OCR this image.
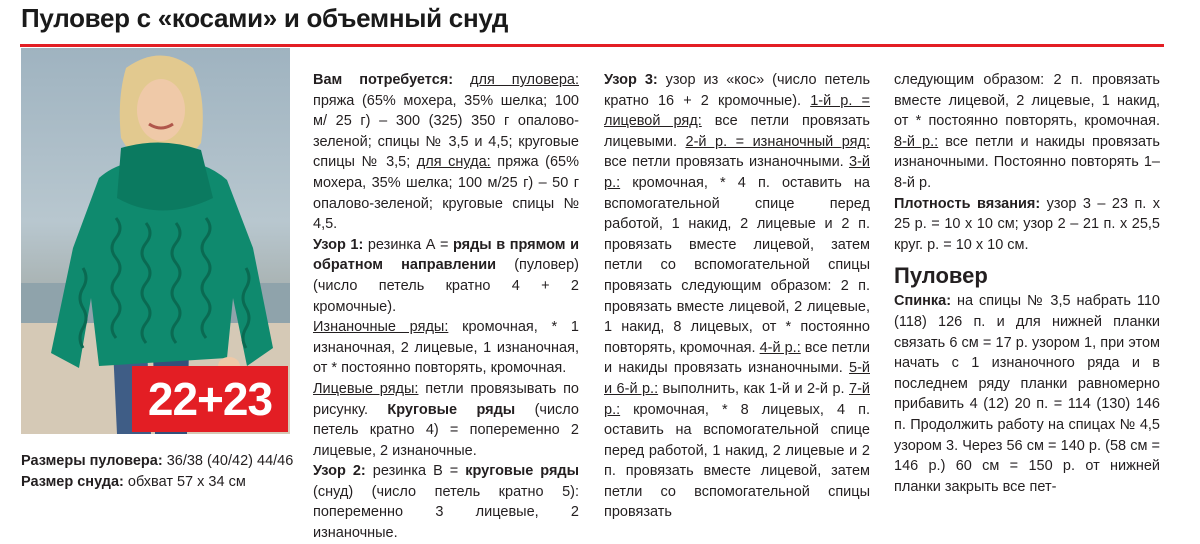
Пуловер с «косами» и объемный снуд
22+23
Размеры пуловера: 36/38 (40/42) 44/46
Размер снуда: обхват 57 х 34 см

Вам потребуется: для пуловера: пряжа (65% мохера, 35% шелка; 100 м/ 25 г) – 300 (325) 350 г опалово-зеленой; спицы № 3,5 и 4,5; круговые спицы № 3,5; для снуда: пряжа (65% мохера, 35% шелка; 100 м/25 г) – 50 г опалово-зеленой; круговые спицы № 4,5.

Узор 1: резинка А = ряды в прямом и обратном направлении (пуловер) (число петель кратно 4 + 2 кромочные).

Изнаночные ряды: кромочная, * 1 изнаночная, 2 лицевые, 1 изнаночная, от * постоянно повторять, кромочная.

Лицевые ряды: петли провязывать по рисунку. Круговые ряды (число петель кратно 4) = попеременно 2 лицевые, 2 изнаночные.

Узор 2: резинка В = круговые ряды (снуд) (число петель кратно 5): попеременно 3 лицевые, 2 изнаночные.

Узор 3: узор из «кос» (число петель кратно 16 + 2 кромочные). 1-й р. = лицевой ряд: все петли провязать лицевыми. 2-й р. = изнаночный ряд: все петли провязать изнаночными. 3-й р.: кромочная, * 4 п. оставить на вспомогательной спице перед работой, 1 накид, 2 лицевые и 2 п. провязать вместе лицевой, затем петли со вспомогательной спицы провязать следующим образом: 2 п. провязать вместе лицевой, 2 лицевые, 1 накид, 8 лицевых, от * постоянно повторять, кромочная. 4-й р.: все петли и накиды провязать изнаночными. 5-й и 6-й р.: выполнить, как 1-й и 2-й р. 7-й р.: кромочная, * 8 лицевых, 4 п. оставить на вспомогательной спице перед работой, 1 накид, 2 лицевые и 2 п. провязать вместе лицевой, затем петли со вспомогательной спицы провязать

следующим образом: 2 п. провязать вместе лицевой, 2 лицевые, 1 накид, от * постоянно повторять, кромочная. 8-й р.: все петли и накиды провязать изнаночными. Постоянно повторять 1–8-й р.

Плотность вязания: узор 3 – 23 п. х 25 р. = 10 х 10 см; узор 2 – 21 п. х 25,5 круг. р. = 10 х 10 см.

Пуловер

Спинка: на спицы № 3,5 набрать 110 (118) 126 п. и для нижней планки связать 6 см = 17 р. узором 1, при этом начать с 1 изнаночного ряда и в последнем ряду планки равномерно прибавить 4 (12) 20 п. = 114 (130) 146 п. Продолжить работу на спицах № 4,5 узором 3. Через 56 см = 140 р. (58 см = 146 р.) 60 см = 150 р. от нижней планки закрыть все пет-
